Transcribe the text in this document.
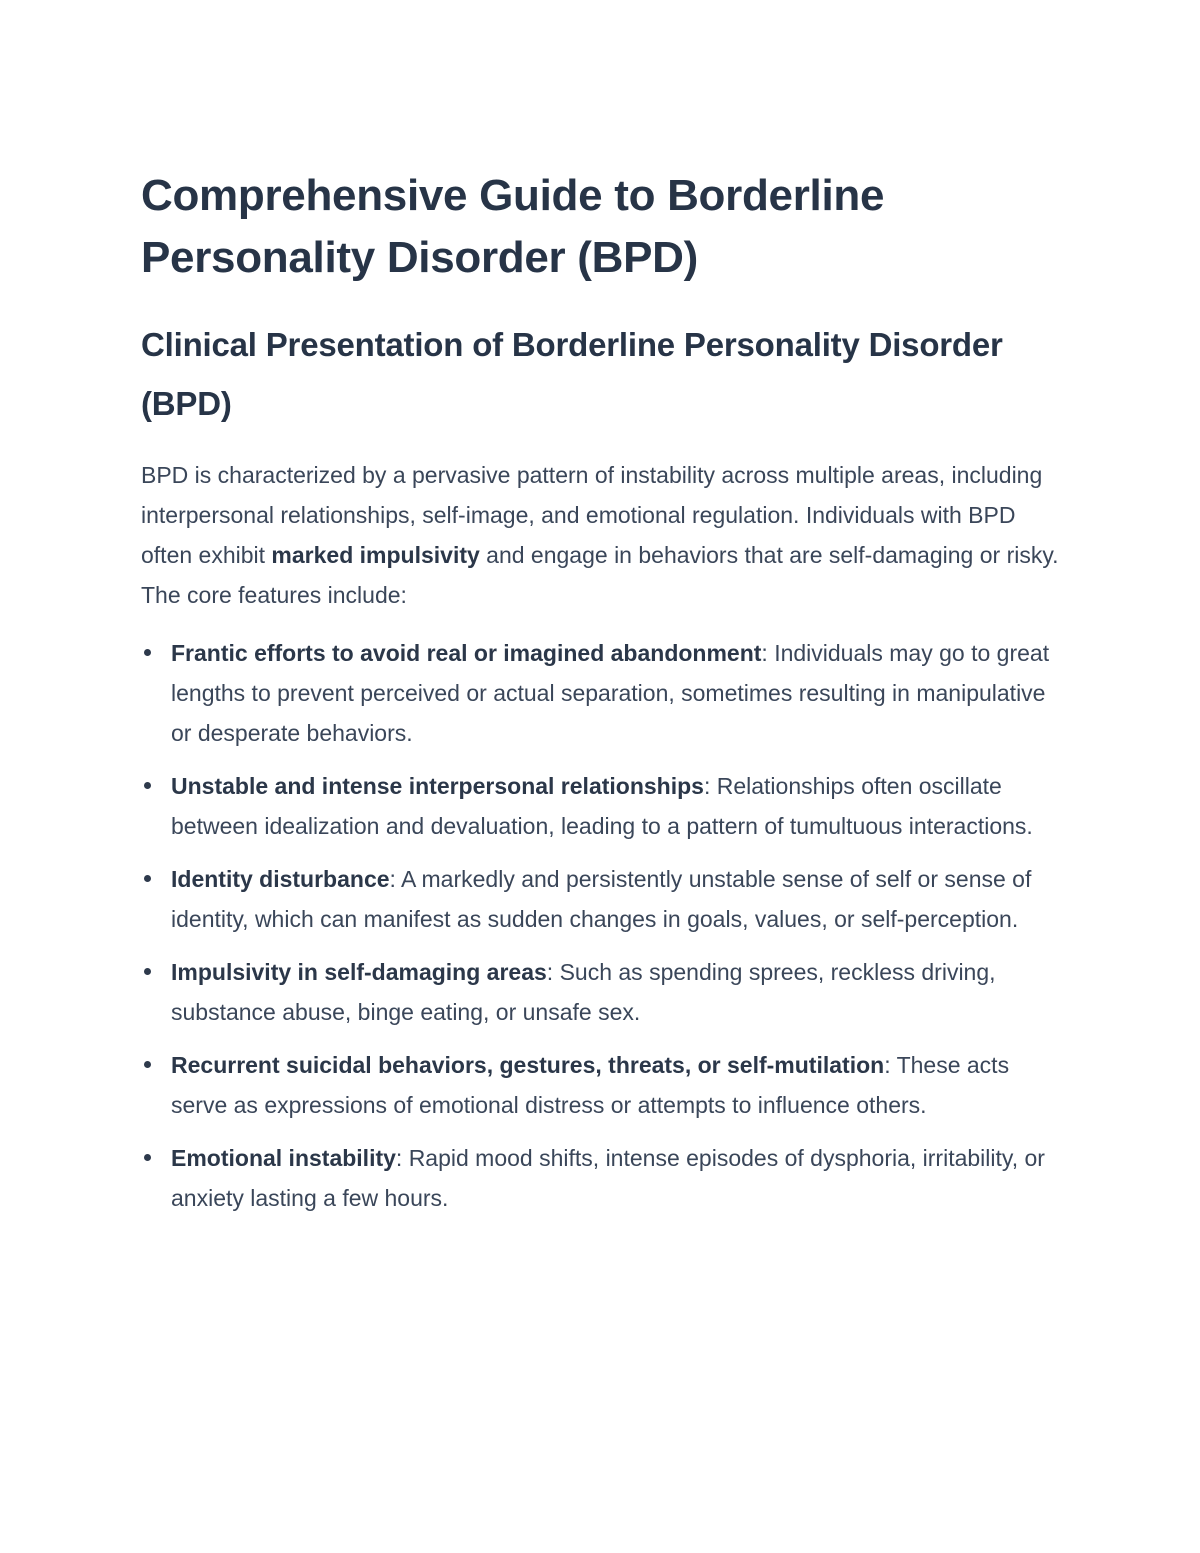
Comprehensive Guide to Borderline Personality Disorder (BPD)
Clinical Presentation of Borderline Personality Disorder (BPD)

BPD is characterized by a pervasive pattern of instability across multiple areas, including interpersonal relationships, self-image, and emotional regulation. Individuals with BPD often exhibit marked impulsivity and engage in behaviors that are self-damaging or risky. The core features include:

Frantic efforts to avoid real or imagined abandonment: Individuals may go to great lengths to prevent perceived or actual separation, sometimes resulting in manipulative or desperate behaviors.
Unstable and intense interpersonal relationships: Relationships often oscillate between idealization and devaluation, leading to a pattern of tumultuous interactions.
Identity disturbance: A markedly and persistently unstable sense of self or sense of identity, which can manifest as sudden changes in goals, values, or self-perception.
Impulsivity in self-damaging areas: Such as spending sprees, reckless driving, substance abuse, binge eating, or unsafe sex.
Recurrent suicidal behaviors, gestures, threats, or self-mutilation: These acts serve as expressions of emotional distress or attempts to influence others.
Emotional instability: Rapid mood shifts, intense episodes of dysphoria, irritability, or anxiety lasting a few hours.
